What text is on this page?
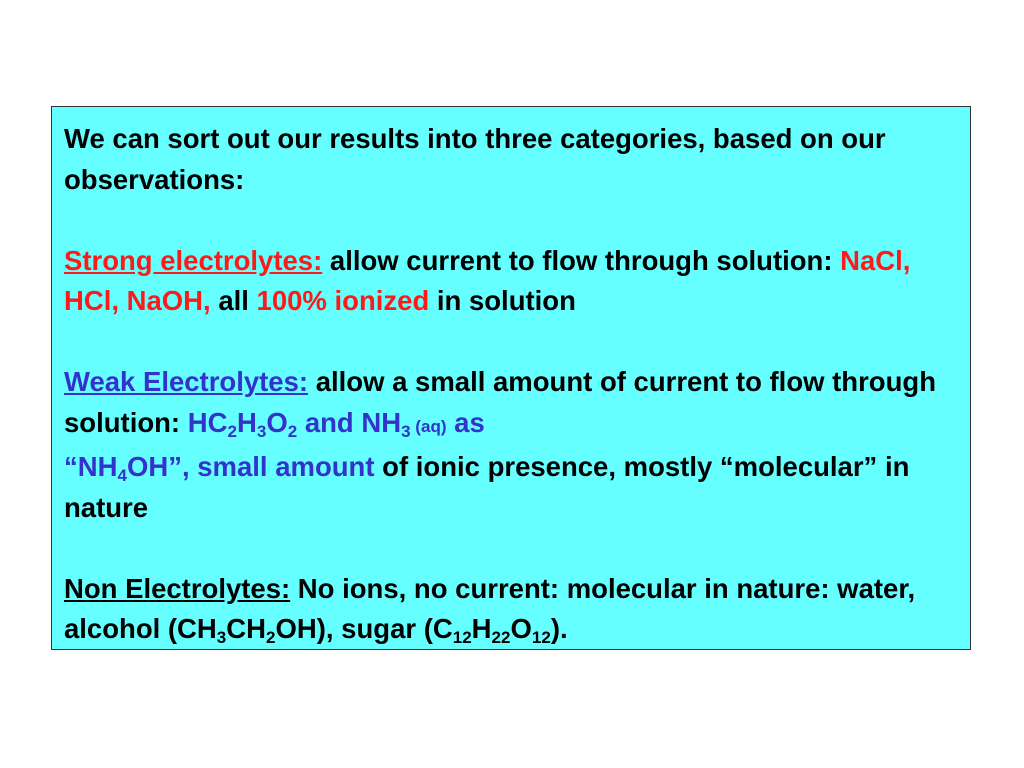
We can sort out our results into three categories, based on our observations:

Strong electrolytes: allow current to flow through solution: NaCl, HCl, NaOH, all 100% ionized in solution

Weak Electrolytes: allow a small amount of current to flow through solution: $HC_2H_3O_2$ and $NH_3$ (aq) as
“$NH_4OH$”, small amount of ionic presence, mostly “molecular” in nature

Non Electrolytes: No ions, no current: molecular in nature: water, alcohol $(CH_3CH_2OH)$, sugar $(C_{12}H_{22}O_{12})$.
